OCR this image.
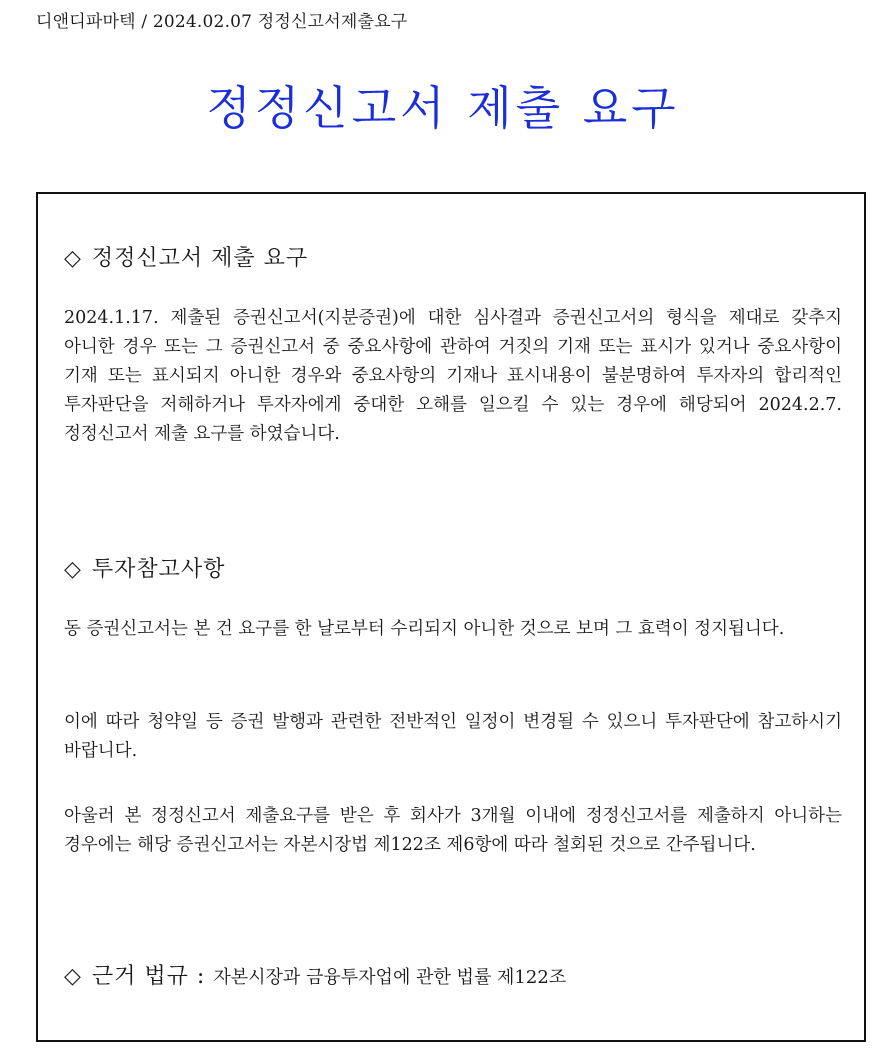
디앤디파마텍 / 2024.02.07 정정신고서제출요구
정정신고서 제출 요구
◇ 정정신고서 제출 요구
2024.1.17. 제출된 증권신고서(지분증권)에 대한 심사결과 증권신고서의 형식을 제대로 갖추지 아니한 경우 또는 그 증권신고서 중 중요사항에 관하여 거짓의 기재 또는 표시가 있거나 중요사항이 기재 또는 표시되지 아니한 경우와 중요사항의 기재나 표시내용이 불분명하여 투자자의 합리적인 투자판단을 저해하거나 투자자에게 중대한 오해를 일으킬 수 있는 경우에 해당되어 2024.2.7. 정정신고서 제출 요구를 하였습니다.
◇ 투자참고사항
동 증권신고서는 본 건 요구를 한 날로부터 수리되지 아니한 것으로 보며 그 효력이 정지됩니다.
이에 따라 청약일 등 증권 발행과 관련한 전반적인 일정이 변경될 수 있으니 투자판단에 참고하시기 바랍니다.
아울러 본 정정신고서 제출요구를 받은 후 회사가 3개월 이내에 정정신고서를 제출하지 아니하는 경우에는 해당 증권신고서는 자본시장법 제122조 제6항에 따라 철회된 것으로 간주됩니다.
◇ 근거 법규 : 자본시장과 금융투자업에 관한 법률 제122조
